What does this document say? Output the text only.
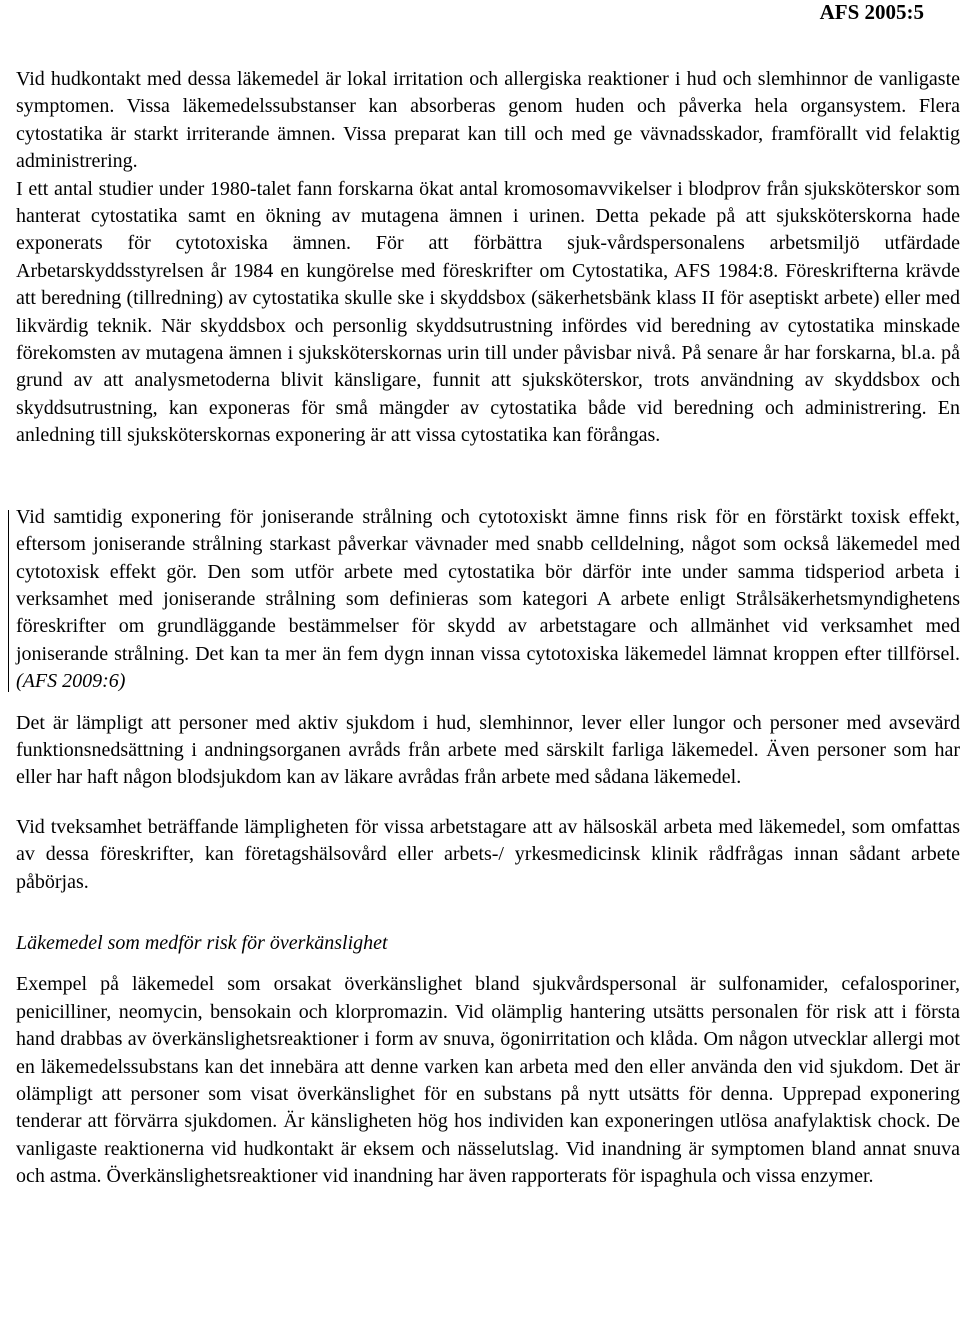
AFS 2005:5

Vid hudkontakt med dessa läkemedel är lokal irritation och allergiska reaktioner i hud och slemhinnor de vanligaste symptomen. Vissa läkemedelssubstanser kan absorberas genom huden och påverka hela organsystem. Flera cytostatika är starkt irriterande ämnen. Vissa preparat kan till och med ge vävnadsskador, framförallt vid felaktig administrering.

I ett antal studier under 1980-talet fann forskarna ökat antal kromosomavvikelser i blodprov från sjuksköterskor som hanterat cytostatika samt en ökning av mutagena ämnen i urinen. Detta pekade på att sjuksköterskorna hade exponerats för cytotoxiska ämnen. För att förbättra sjuk-vårdspersonalens arbetsmiljö utfärdade Arbetarskyddsstyrelsen år 1984 en kungörelse med föreskrifter om Cytostatika, AFS 1984:8. Föreskrifterna krävde att beredning (tillredning) av cytostatika skulle ske i skyddsbox (säkerhetsbänk klass II för aseptiskt arbete) eller med likvärdig teknik. När skyddsbox och personlig skyddsutrustning infördes vid beredning av cytostatika minskade förekomsten av mutagena ämnen i sjuksköterskornas urin till under påvisbar nivå. På senare år har forskarna, bl.a. på grund av att analysmetoderna blivit känsligare, funnit att sjuksköterskor, trots användning av skyddsbox och skyddsutrustning, kan exponeras för små mängder av cytostatika både vid beredning och administrering. En anledning till sjuksköterskornas exponering är att vissa cytostatika kan förångas.

Vid samtidig exponering för joniserande strålning och cytotoxiskt ämne finns risk för en förstärkt toxisk effekt, eftersom joniserande strålning starkast påverkar vävnader med snabb celldelning, något som också läkemedel med cytotoxisk effekt gör. Den som utför arbete med cytostatika bör därför inte under samma tidsperiod arbeta i verksamhet med joniserande strålning som definieras som kategori A arbete enligt Strålsäkerhetsmyndighetens föreskrifter om grundläggande bestämmelser för skydd av arbetstagare och allmänhet vid verksamhet med joniserande strålning. Det kan ta mer än fem dygn innan vissa cytotoxiska läkemedel lämnat kroppen efter tillförsel. (AFS 2009:6)

Det är lämpligt att personer med aktiv sjukdom i hud, slemhinnor, lever eller lungor och personer med avsevärd funktionsnedsättning i andningsorganen avråds från arbete med särskilt farliga läkemedel. Även personer som har eller har haft någon blodsjukdom kan av läkare avrådas från arbete med sådana läkemedel.

Vid tveksamhet beträffande lämpligheten för vissa arbetstagare att av hälsoskäl arbeta med läkemedel, som omfattas av dessa föreskrifter, kan företagshälsovård eller arbets-/ yrkesmedicinsk klinik rådfrågas innan sådant arbete påbörjas.

Läkemedel som medför risk för överkänslighet

Exempel på läkemedel som orsakat överkänslighet bland sjukvårdspersonal är sulfonamider, cefalosporiner, penicilliner, neomycin, bensokain och klorpromazin. Vid olämplig hantering utsätts personalen för risk att i första hand drabbas av överkänslighetsreaktioner i form av snuva, ögonirritation och klåda. Om någon utvecklar allergi mot en läkemedelssubstans kan det innebära att denne varken kan arbeta med den eller använda den vid sjukdom. Det är olämpligt att personer som visat överkänslighet för en substans på nytt utsätts för denna. Upprepad exponering tenderar att förvärra sjukdomen. Är känsligheten hög hos individen kan exponeringen utlösa anafylaktisk chock. De vanligaste reaktionerna vid hudkontakt är eksem och nässelutslag. Vid inandning är symptomen bland annat snuva och astma. Överkänslighetsreaktioner vid inandning har även rapporterats för ispaghula och vissa enzymer.
